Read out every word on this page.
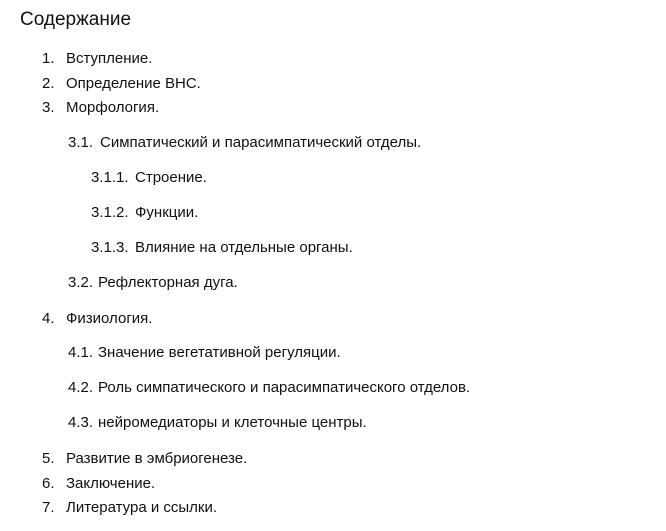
Содержание
1. Вступление.
2. Определение ВНС.
3. Морфология.
3.1. Симпатический и парасимпатический отделы.
3.1.1. Строение.
3.1.2. Функции.
3.1.3. Влияние на отдельные органы.
3.2. Рефлекторная дуга.
4. Физиология.
4.1. Значение вегетативной регуляции.
4.2. Роль симпатического и парасимпатического отделов.
4.3. нейромедиаторы и клеточные центры.
5. Развитие в эмбриогенезе.
6. Заключение.
7. Литература и ссылки.
